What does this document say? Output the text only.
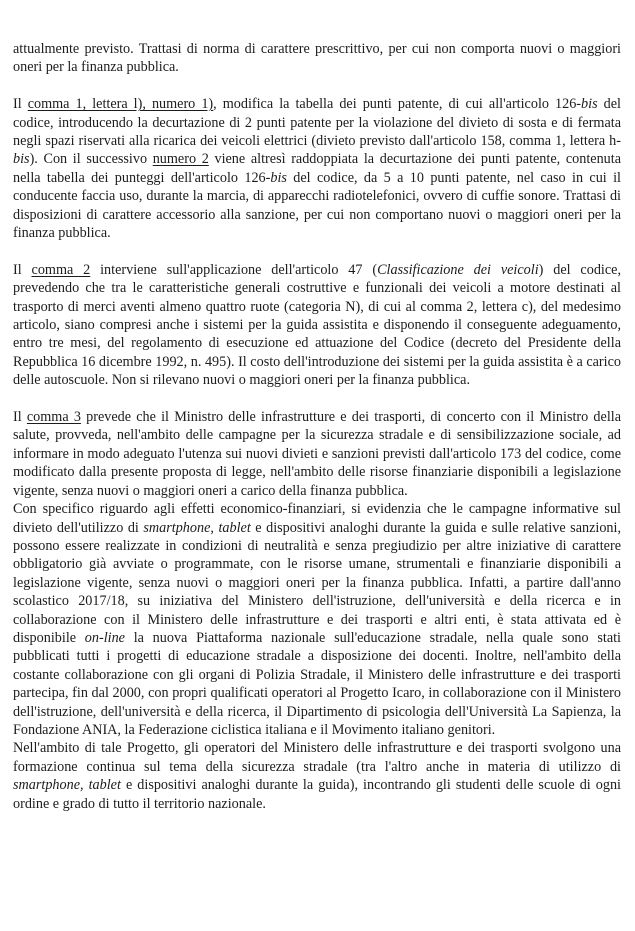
attualmente previsto. Trattasi di norma di carattere prescrittivo, per cui non comporta nuovi o maggiori oneri per la finanza pubblica.

Il comma 1, lettera l), numero 1), modifica la tabella dei punti patente, di cui all'articolo 126-bis del codice, introducendo la decurtazione di 2 punti patente per la violazione del divieto di sosta e di fermata negli spazi riservati alla ricarica dei veicoli elettrici (divieto previsto dall'articolo 158, comma 1, lettera h-bis). Con il successivo numero 2 viene altresì raddoppiata la decurtazione dei punti patente, contenuta nella tabella dei punteggi dell'articolo 126-bis del codice, da 5 a 10 punti patente, nel caso in cui il conducente faccia uso, durante la marcia, di apparecchi radiotelefonici, ovvero di cuffie sonore. Trattasi di disposizioni di carattere accessorio alla sanzione, per cui non comportano nuovi o maggiori oneri per la finanza pubblica.

Il comma 2 interviene sull'applicazione dell'articolo 47 (Classificazione dei veicoli) del codice, prevedendo che tra le caratteristiche generali costruttive e funzionali dei veicoli a motore destinati al trasporto di merci aventi almeno quattro ruote (categoria N), di cui al comma 2, lettera c), del medesimo articolo, siano compresi anche i sistemi per la guida assistita e disponendo il conseguente adeguamento, entro tre mesi, del regolamento di esecuzione ed attuazione del Codice (decreto del Presidente della Repubblica 16 dicembre 1992, n. 495). Il costo dell'introduzione dei sistemi per la guida assistita è a carico delle autoscuole. Non si rilevano nuovi o maggiori oneri per la finanza pubblica.

Il comma 3 prevede che il Ministro delle infrastrutture e dei trasporti, di concerto con il Ministro della salute, provveda, nell'ambito delle campagne per la sicurezza stradale e di sensibilizzazione sociale, ad informare in modo adeguato l'utenza sui nuovi divieti e sanzioni previsti dall'articolo 173 del codice, come modificato dalla presente proposta di legge, nell'ambito delle risorse finanziarie disponibili a legislazione vigente, senza nuovi o maggiori oneri a carico della finanza pubblica.

Con specifico riguardo agli effetti economico-finanziari, si evidenzia che le campagne informative sul divieto dell'utilizzo di smartphone, tablet e dispositivi analoghi durante la guida e sulle relative sanzioni, possono essere realizzate in condizioni di neutralità e senza pregiudizio per altre iniziative di carattere obbligatorio già avviate o programmate, con le risorse umane, strumentali e finanziarie disponibili a legislazione vigente, senza nuovi o maggiori oneri per la finanza pubblica. Infatti, a partire dall'anno scolastico 2017/18, su iniziativa del Ministero dell'istruzione, dell'università e della ricerca e in collaborazione con il Ministero delle infrastrutture e dei trasporti e altri enti, è stata attivata ed è disponibile on-line la nuova Piattaforma nazionale sull'educazione stradale, nella quale sono stati pubblicati tutti i progetti di educazione stradale a disposizione dei docenti. Inoltre, nell'ambito della costante collaborazione con gli organi di Polizia Stradale, il Ministero delle infrastrutture e dei trasporti partecipa, fin dal 2000, con propri qualificati operatori al Progetto Icaro, in collaborazione con il Ministero dell'istruzione, dell'università e della ricerca, il Dipartimento di psicologia dell'Università La Sapienza, la Fondazione ANIA, la Federazione ciclistica italiana e il Movimento italiano genitori.

Nell'ambito di tale Progetto, gli operatori del Ministero delle infrastrutture e dei trasporti svolgono una formazione continua sul tema della sicurezza stradale (tra l'altro anche in materia di utilizzo di smartphone, tablet e dispositivi analoghi durante la guida), incontrando gli studenti delle scuole di ogni ordine e grado di tutto il territorio nazionale.
